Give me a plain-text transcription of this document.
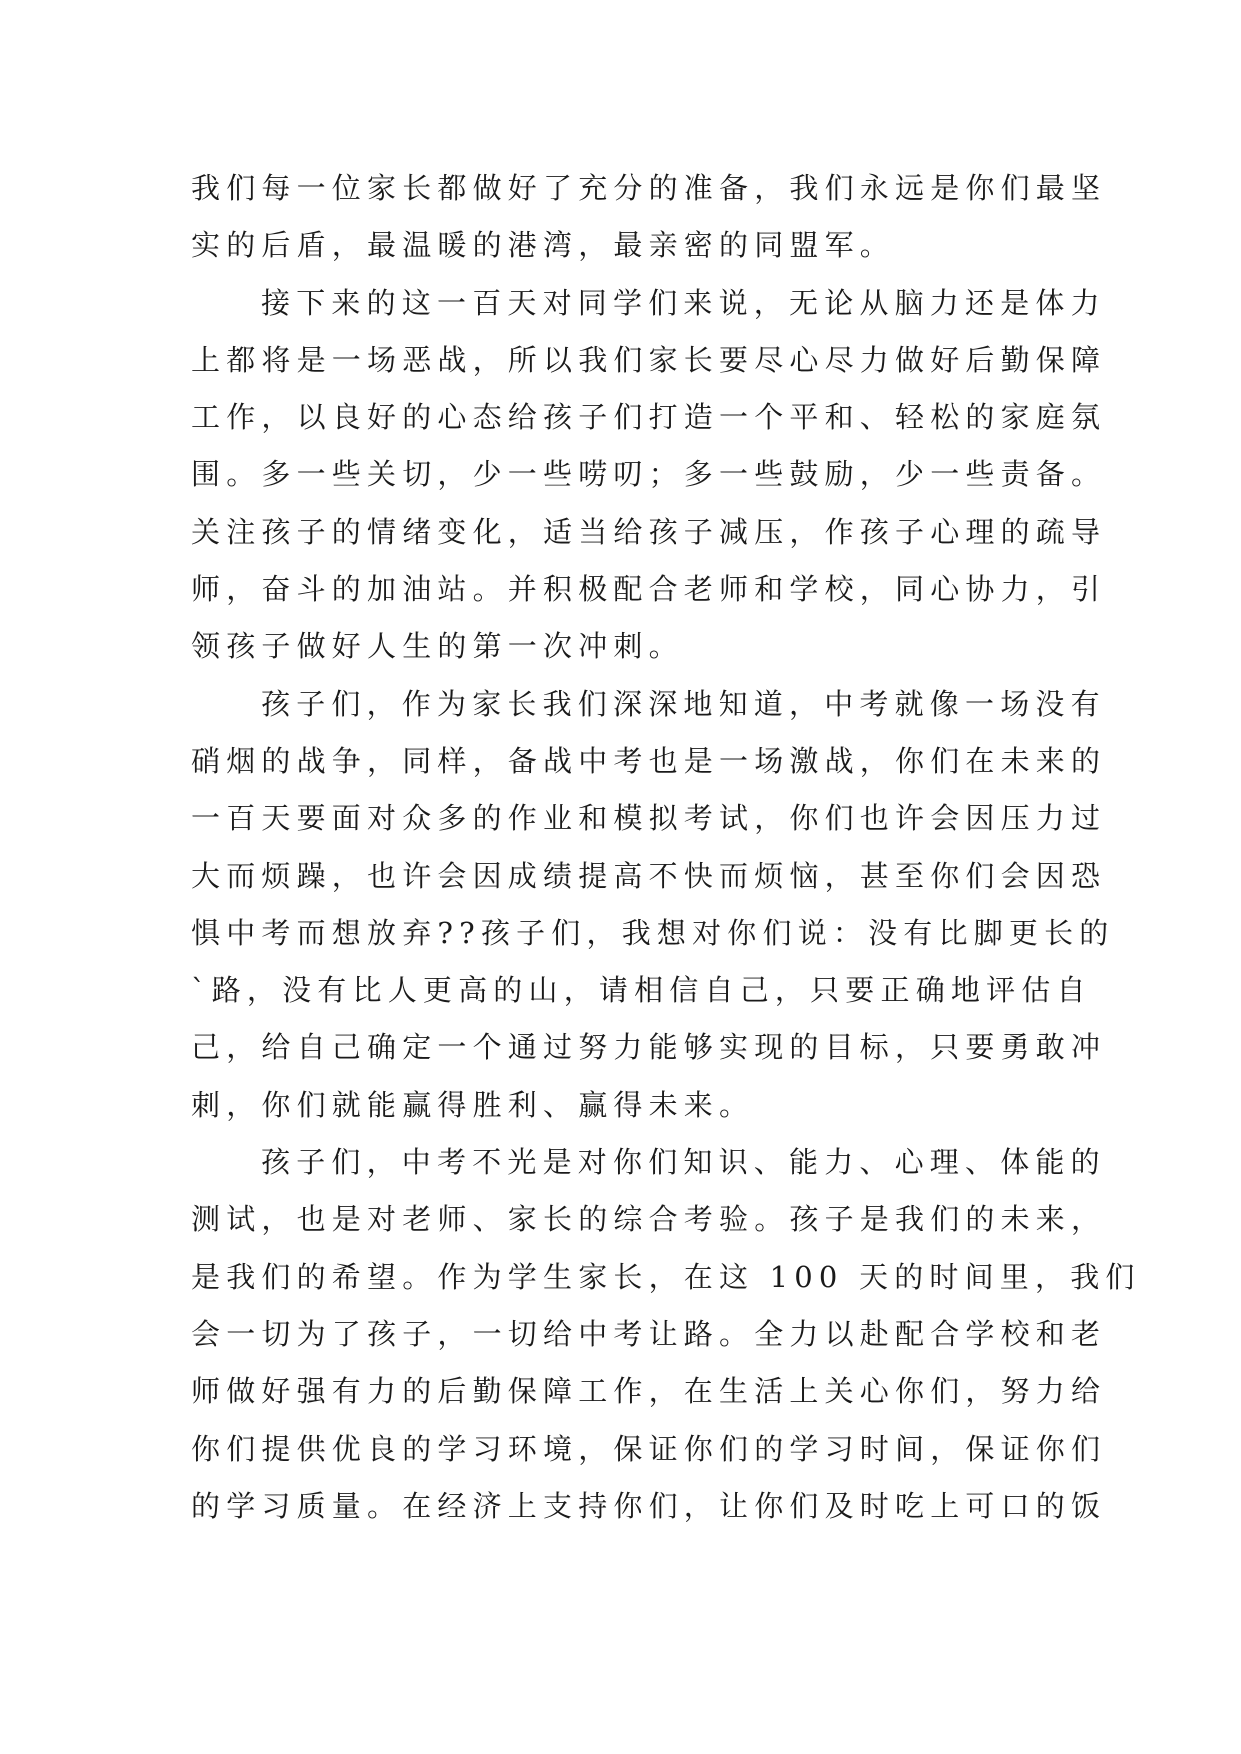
我们每一位家长都做好了充分的准备，我们永远是你们最坚
实的后盾，最温暖的港湾，最亲密的同盟军。
接下来的这一百天对同学们来说，无论从脑力还是体力
上都将是一场恶战，所以我们家长要尽心尽力做好后勤保障
工作，以良好的心态给孩子们打造一个平和、轻松的家庭氛
围。多一些关切，少一些唠叨；多一些鼓励，少一些责备。
关注孩子的情绪变化，适当给孩子减压，作孩子心理的疏导
师，奋斗的加油站。并积极配合老师和学校，同心协力，引
领孩子做好人生的第一次冲刺。
孩子们，作为家长我们深深地知道，中考就像一场没有
硝烟的战争，同样，备战中考也是一场激战，你们在未来的
一百天要面对众多的作业和模拟考试，你们也许会因压力过
大而烦躁，也许会因成绩提高不快而烦恼，甚至你们会因恐
惧中考而想放弃??孩子们，我想对你们说：没有比脚更长的
`路，没有比人更高的山，请相信自己，只要正确地评估自
己，给自己确定一个通过努力能够实现的目标，只要勇敢冲
刺，你们就能赢得胜利、赢得未来。
孩子们，中考不光是对你们知识、能力、心理、体能的
测试，也是对老师、家长的综合考验。孩子是我们的未来，
是我们的希望。作为学生家长，在这 100 天的时间里，我们
会一切为了孩子，一切给中考让路。全力以赴配合学校和老
师做好强有力的后勤保障工作，在生活上关心你们，努力给
你们提供优良的学习环境，保证你们的学习时间，保证你们
的学习质量。在经济上支持你们，让你们及时吃上可口的饭
